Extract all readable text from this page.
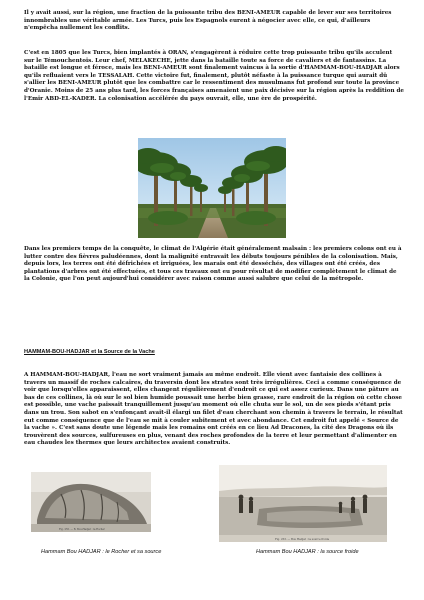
Il y avait aussi, sur la région, une fraction de la puissante tribu des BENI-AMEUR capable de lever sur ses territoires innombrables une véritable armée. Les Turcs, puis les Espagnols eurent à négocier avec elle, ce qui, d'ailleurs n'empêcha nullement les conflits.

C'est en 1805 que les Turcs, bien implantés à ORAN, s'engagèrent à réduire cette trop puissante tribu qu'ils acculent sur le Témouchentois. Leur chef, MELAKECHE, jette dans la bataille toute sa force de cavaliers et de fantassins. La bataille est longue et féroce, mais les BENI-AMEUR sont finalement vaincus à la sortie d'HAMMAM-BOU-HADJAR alors qu'ils refluaient vers le TESSALAH. Cette victoire fut, finalement, plutôt néfaste à la puissance turque qui aurait dû s'allier les BENI-AMEUR plutôt que les combattre car le ressentiment des musulmans fut profond sur toute la province d'Oranie. Moins de 25 ans plus tard, les forces françaises amenaient une paix décisive sur la région après la reddition de l'Emir ABD-EL-KADER. La colonisation accélérée du pays ouvrait, elle, une ère de prospérité.

Dans les premiers temps de la conquête, le climat de l'Algérie était généralement malsain : les premiers colons ont eu à lutter contre des fièvres paludéennes, dont la malignité entravait les débuts toujours pénibles de la colonisation. Mais, depuis lors, les terres ont été défrichées et irriguées, les marais ont été desséchés, des villages ont été créés, des plantations d'arbres ont été effectuées, et tous ces travaux ont eu pour résultat de modifier complètement le climat de la Colonie, que l'on peut aujourd'hui considérer avec raison comme aussi salubre que celui de la métropole.

HAMMAM-BOU-HADJAR et la Source de la Vache

A HAMMAM-BOU-HADJAR, l'eau ne sort vraiment jamais au même endroit. Elle vient avec fantaisie des collines à travers un massif de roches calcaires, du traversin dont les strates sont très irrégulières. Ceci a comme conséquence de voir que lorsqu'elles apparaissent, elles changent régulièrement d'endroit ce qui est assez curieux. Dans une pâture au bas de ces collines, là où sur le sol bien humide poussait une herbe bien grasse, rare endroit de la région où cette chose est possible, une vache paissait tranquillement jusqu'au moment où elle chuta sur le sol, un de ses pieds s'étant pris dans un trou. Son sabot en s'enfonçant avait-il élargi un filet d'eau cherchant son chemin à travers le terrain, le résultat eut comme conséquence que de l'eau se mit à couler subitement et avec abondance. Cet endroit fut appelé « Source de la vache ». C'est sans doute une légende mais les romains ont créés en ce lieu Ad Dracones, la cité des Dragons où ils trouvèrent des sources, sulfureuses en plus, venant des roches profondes de la terre et leur permettant d'alimenter en eau chaudes les thermes que leurs architectes avaient construits.

Fig. 255. — B. Bou-Hadjar : la Rocher
Fig. 253. — Bou Hadjar : la source froide

Hammam Bou HADJAR : le Rocher et sa source	Hammam Bou HADJAR : la source froide
